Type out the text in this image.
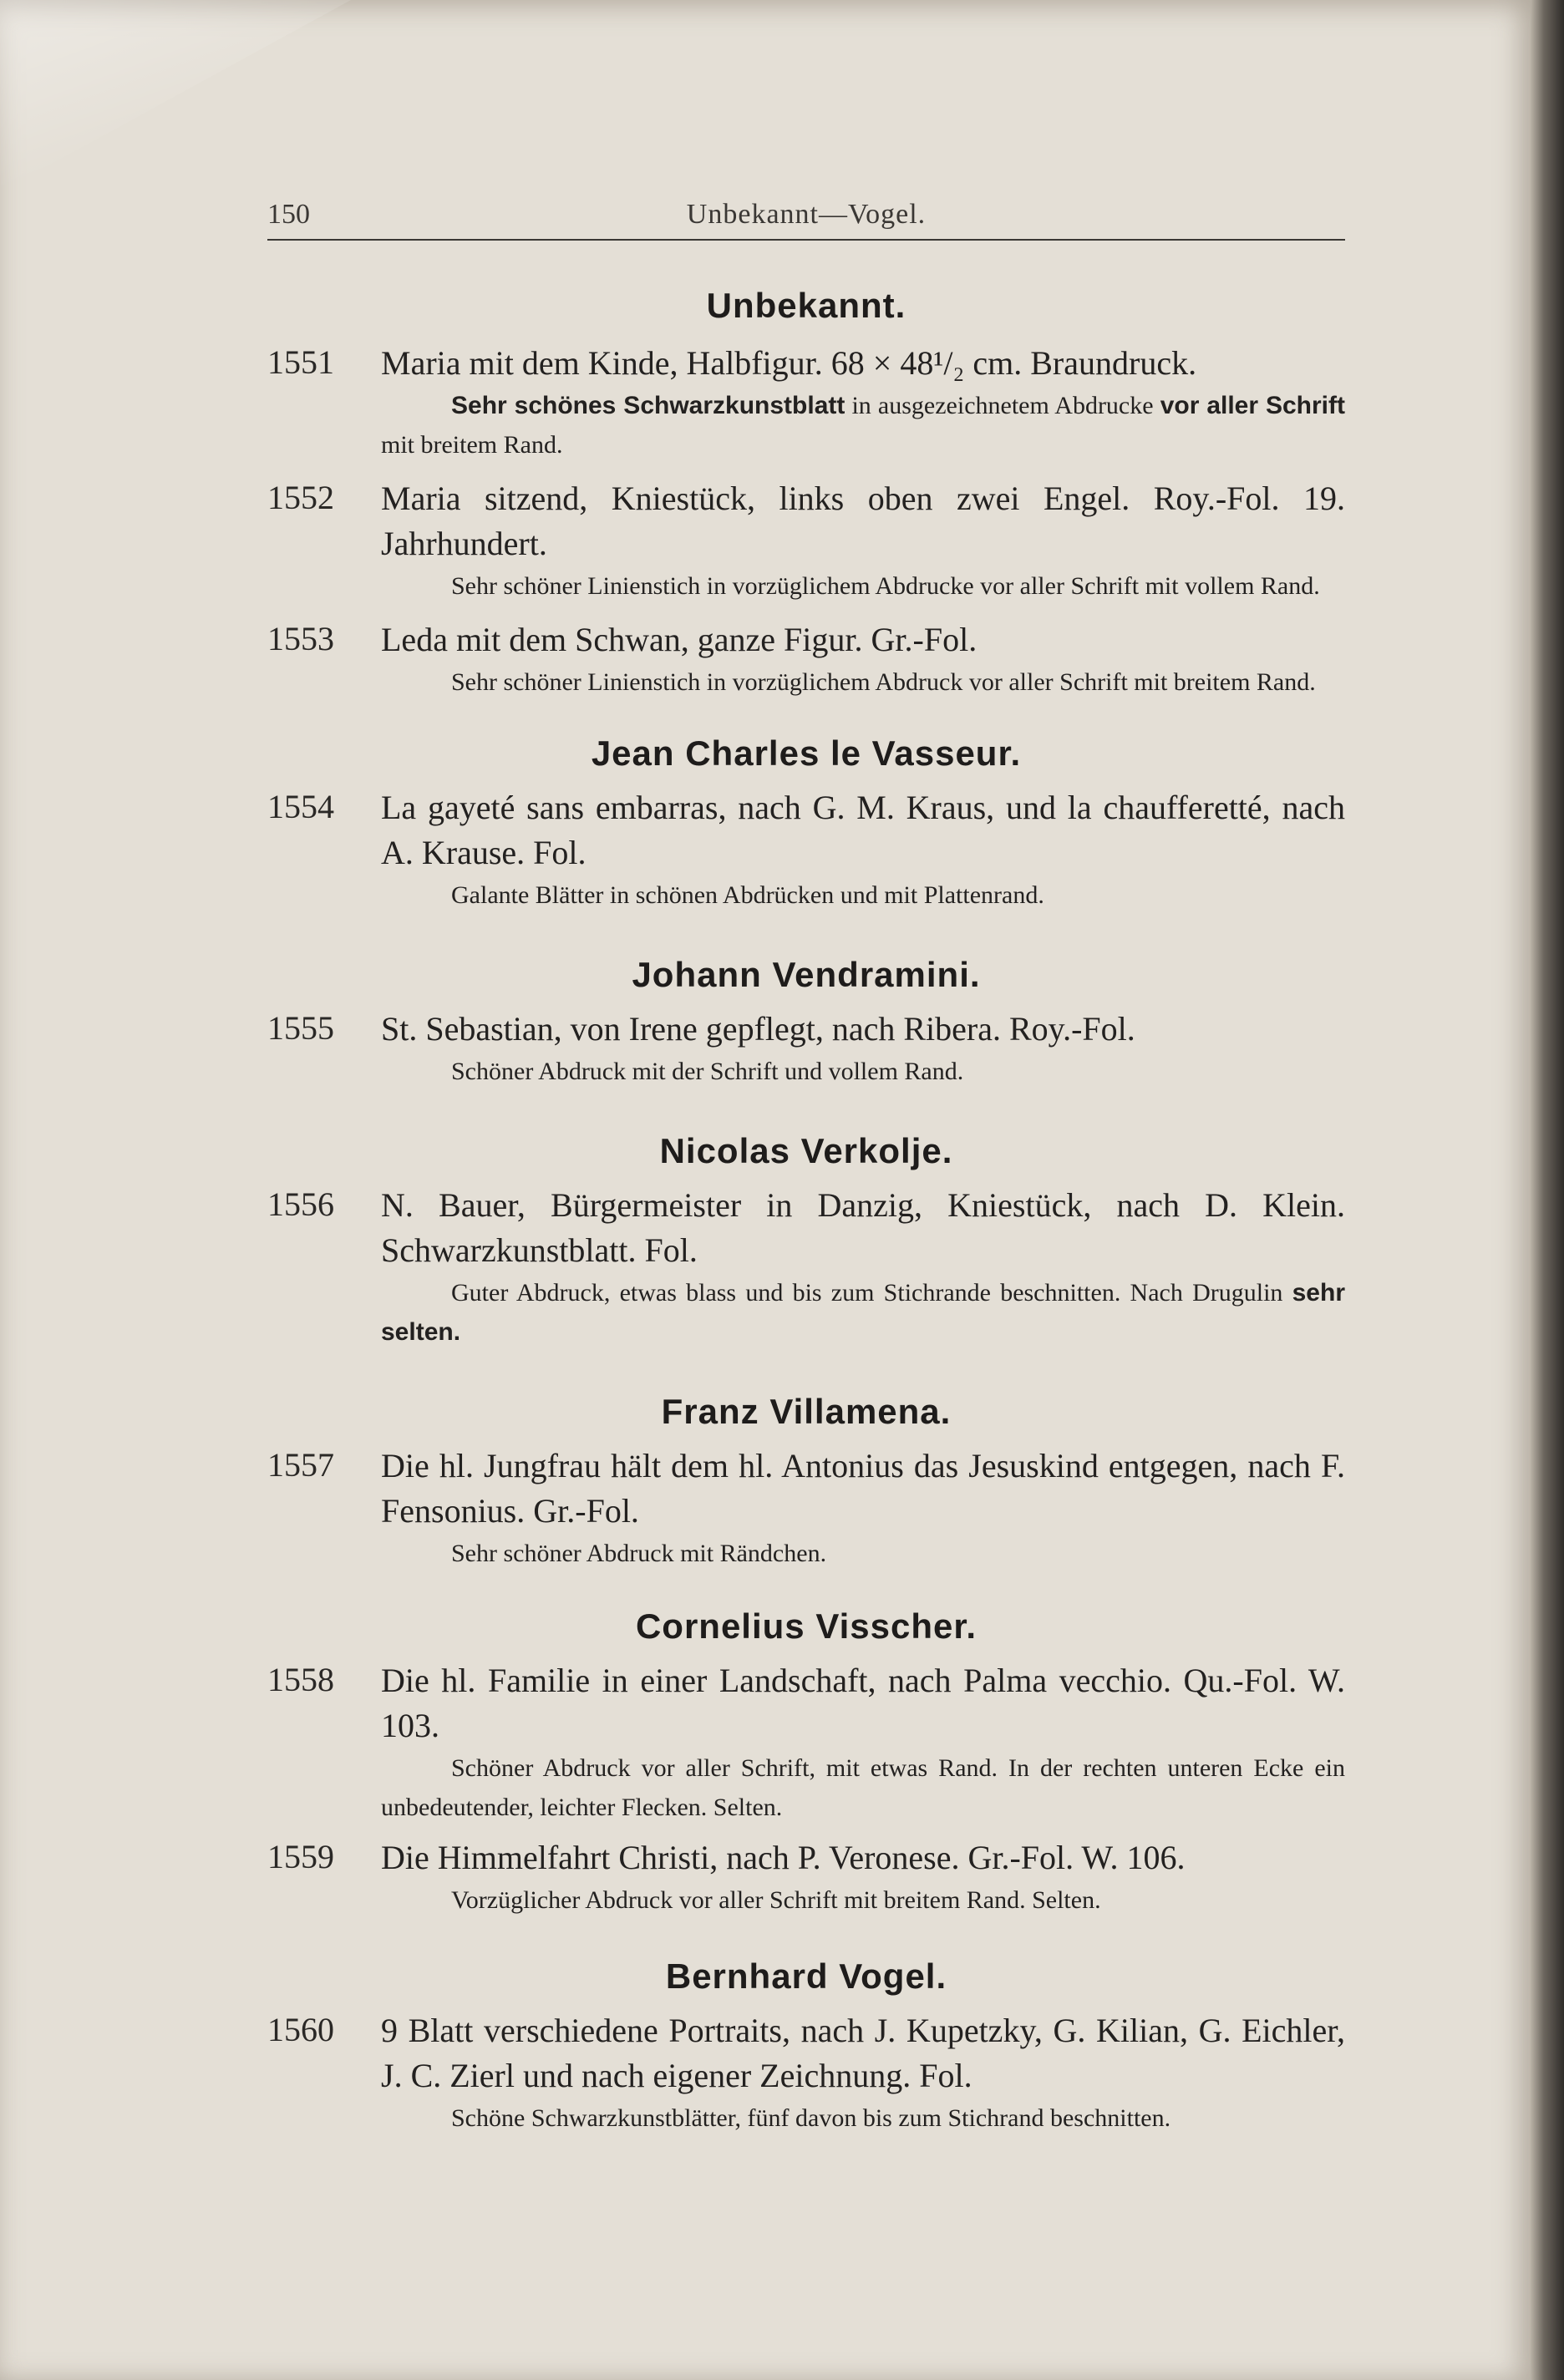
150	Unbekannt—Vogel.
Unbekannt.
1551 Maria mit dem Kinde, Halbfigur. 68 × 48¹/₂ cm. Braundruck.
Sehr schönes Schwarzkunstblatt in ausgezeichnetem Abdrucke vor aller Schrift mit breitem Rand.
1552 Maria sitzend, Kniestück, links oben zwei Engel. Roy.-Fol. 19. Jahrhundert.
Sehr schöner Linienstich in vorzüglichem Abdrucke vor aller Schrift mit vollem Rand.
1553 Leda mit dem Schwan, ganze Figur. Gr.-Fol.
Sehr schöner Linienstich in vorzüglichem Abdruck vor aller Schrift mit breitem Rand.
Jean Charles le Vasseur.
1554 La gayeté sans embarras, nach G. M. Kraus, und la chaufferetté, nach A. Krause. Fol.
Galante Blätter in schönen Abdrücken und mit Plattenrand.
Johann Vendramini.
1555 St. Sebastian, von Irene gepflegt, nach Ribera. Roy.-Fol.
Schöner Abdruck mit der Schrift und vollem Rand.
Nicolas Verkolje.
1556 N. Bauer, Bürgermeister in Danzig, Kniestück, nach D. Klein. Schwarzkunstblatt. Fol.
Guter Abdruck, etwas blass und bis zum Stichrande beschnitten. Nach Drugulin sehr selten.
Franz Villamena.
1557 Die hl. Jungfrau hält dem hl. Antonius das Jesuskind entgegen, nach F. Fensonius. Gr.-Fol.
Sehr schöner Abdruck mit Rändchen.
Cornelius Visscher.
1558 Die hl. Familie in einer Landschaft, nach Palma vecchio. Qu.-Fol. W. 103.
Schöner Abdruck vor aller Schrift, mit etwas Rand. In der rechten unteren Ecke ein unbedeutender, leichter Flecken. Selten.
1559 Die Himmelfahrt Christi, nach P. Veronese. Gr.-Fol. W. 106.
Vorzüglicher Abdruck vor aller Schrift mit breitem Rand. Selten.
Bernhard Vogel.
1560 9 Blatt verschiedene Portraits, nach J. Kupetzky, G. Kilian, G. Eichler, J. C. Zierl und nach eigener Zeichnung. Fol.
Schöne Schwarzkunstblätter, fünf davon bis zum Stichrand beschnitten.
